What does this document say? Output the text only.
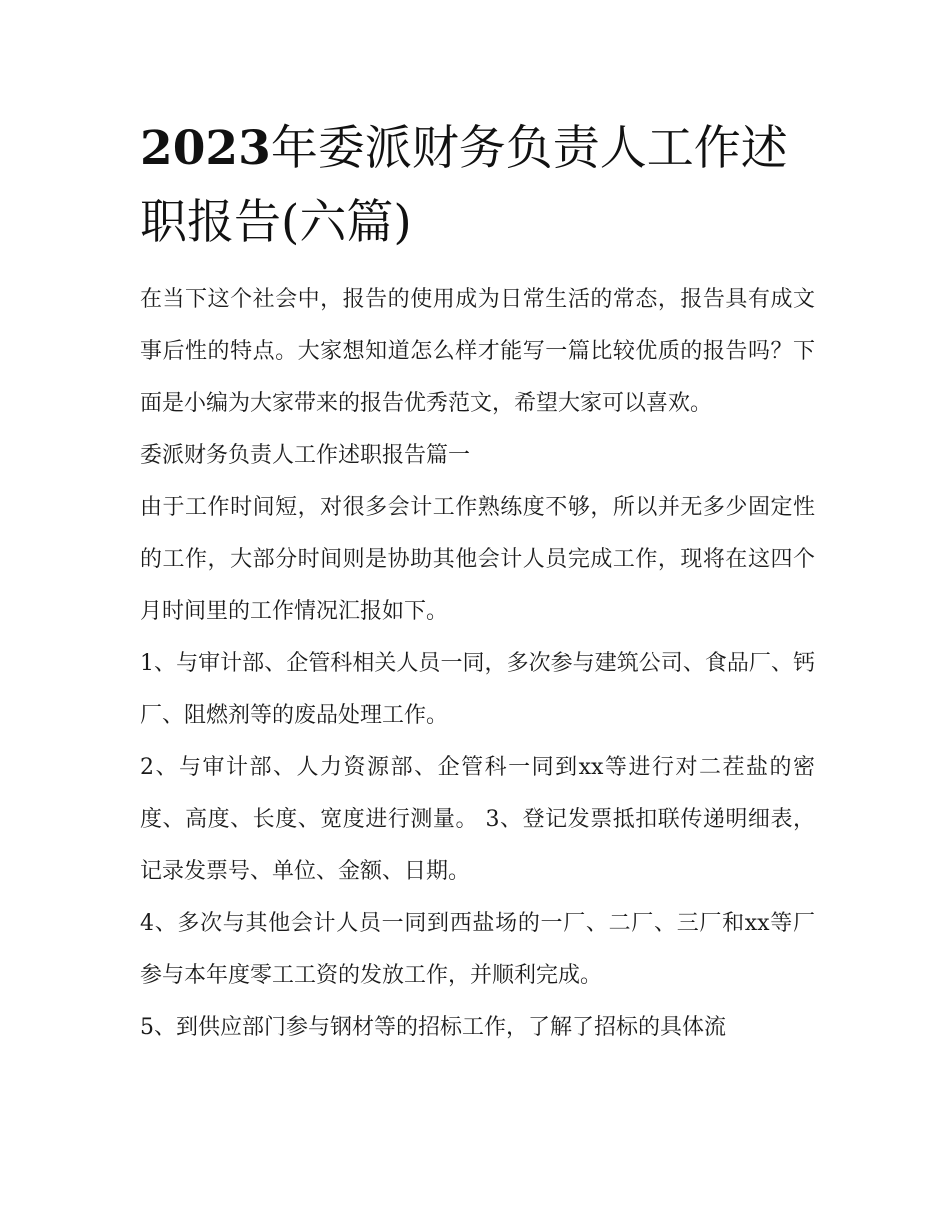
2023年委派财务负责人工作述职报告(六篇)

在当下这个社会中，报告的使用成为日常生活的常态，报告具有成文事后性的特点。大家想知道怎么样才能写一篇比较优质的报告吗？下面是小编为大家带来的报告优秀范文，希望大家可以喜欢。

委派财务负责人工作述职报告篇一

由于工作时间短，对很多会计工作熟练度不够，所以并无多少固定性的工作，大部分时间则是协助其他会计人员完成工作，现将在这四个月时间里的工作情况汇报如下。

1、与审计部、企管科相关人员一同，多次参与建筑公司、食品厂、钙厂、阻燃剂等的废品处理工作。

2、与审计部、人力资源部、企管科一同到xx等进行对二茬盐的密度、高度、长度、宽度进行测量。 3、登记发票抵扣联传递明细表，记录发票号、单位、金额、日期。

4、多次与其他会计人员一同到西盐场的一厂、二厂、三厂和xx等厂参与本年度零工工资的发放工作，并顺利完成。

5、到供应部门参与钢材等的招标工作，了解了招标的具体流
